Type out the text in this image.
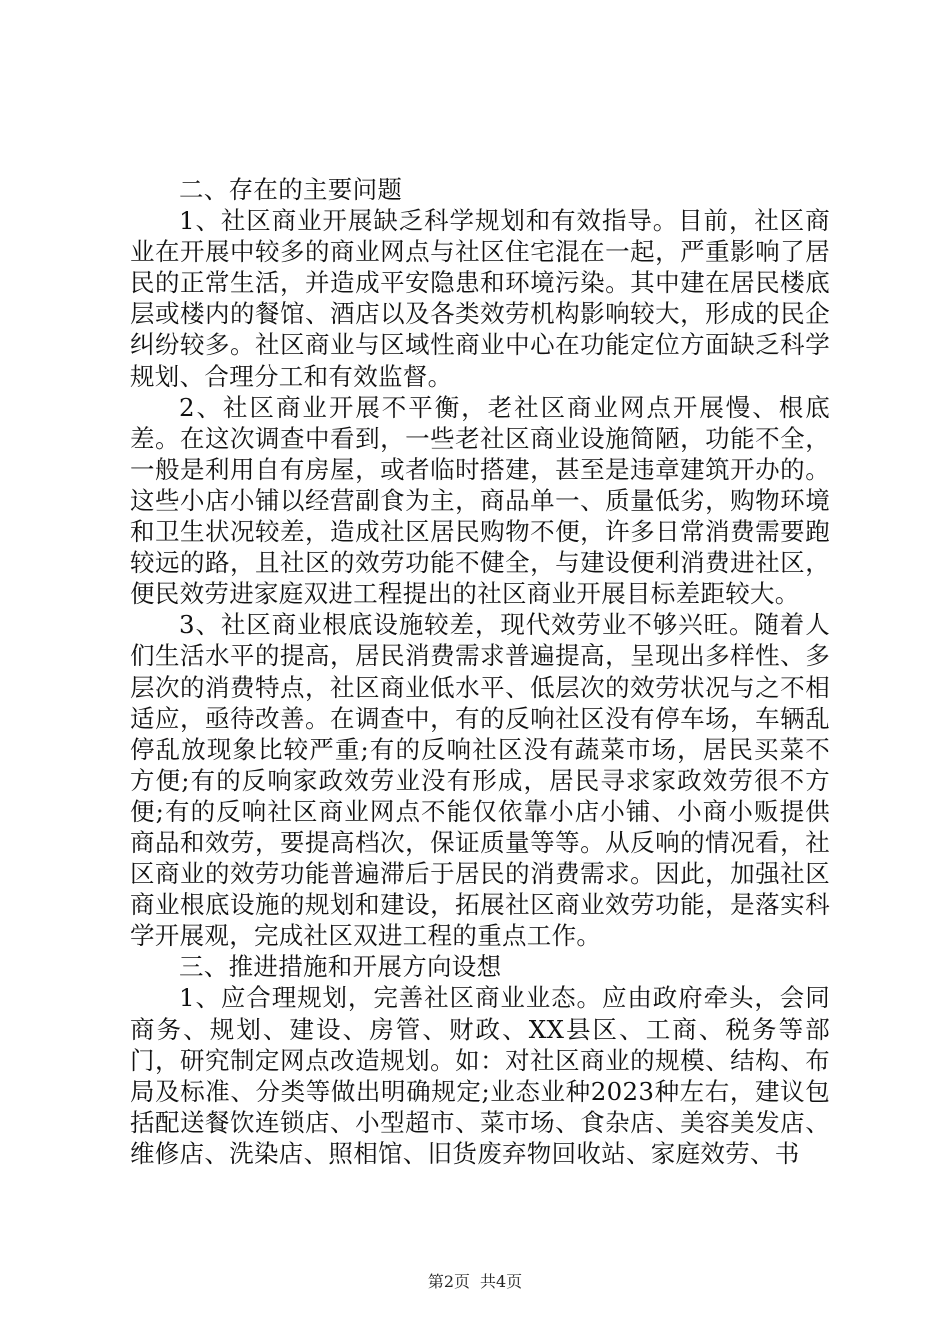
二、存在的主要问题

1、社区商业开展缺乏科学规划和有效指导。目前，社区商业在开展中较多的商业网点与社区住宅混在一起，严重影响了居民的正常生活，并造成平安隐患和环境污染。其中建在居民楼底层或楼内的餐馆、酒店以及各类效劳机构影响较大，形成的民企纠纷较多。社区商业与区域性商业中心在功能定位方面缺乏科学规划、合理分工和有效监督。

2、社区商业开展不平衡，老社区商业网点开展慢、根底差。在这次调查中看到，一些老社区商业设施简陋，功能不全，一般是利用自有房屋，或者临时搭建，甚至是违章建筑开办的。这些小店小铺以经营副食为主，商品单一、质量低劣，购物环境和卫生状况较差，造成社区居民购物不便，许多日常消费需要跑较远的路，且社区的效劳功能不健全，与建设便利消费进社区，便民效劳进家庭双进工程提出的社区商业开展目标差距较大。

3、社区商业根底设施较差，现代效劳业不够兴旺。随着人们生活水平的提高，居民消费需求普遍提高，呈现出多样性、多层次的消费特点，社区商业低水平、低层次的效劳状况与之不相适应，亟待改善。在调查中，有的反响社区没有停车场，车辆乱停乱放现象比较严重;有的反响社区没有蔬菜市场，居民买菜不方便;有的反响家政效劳业没有形成，居民寻求家政效劳很不方便;有的反响社区商业网点不能仅依靠小店小铺、小商小贩提供商品和效劳，要提高档次，保证质量等等。从反响的情况看，社区商业的效劳功能普遍滞后于居民的消费需求。因此，加强社区商业根底设施的规划和建设，拓展社区商业效劳功能，是落实科学开展观，完成社区双进工程的重点工作。

三、推进措施和开展方向设想

1、应合理规划，完善社区商业业态。应由政府牵头，会同商务、规划、建设、房管、财政、XX县区、工商、税务等部门，研究制定网点改造规划。如：对社区商业的规模、结构、布局及标准、分类等做出明确规定;业态业种2023种左右，建议包括配送餐饮连锁店、小型超市、菜市场、食杂店、美容美发店、维修店、洗染店、照相馆、旧货废弃物回收站、家庭效劳、书

第2页 共4页
